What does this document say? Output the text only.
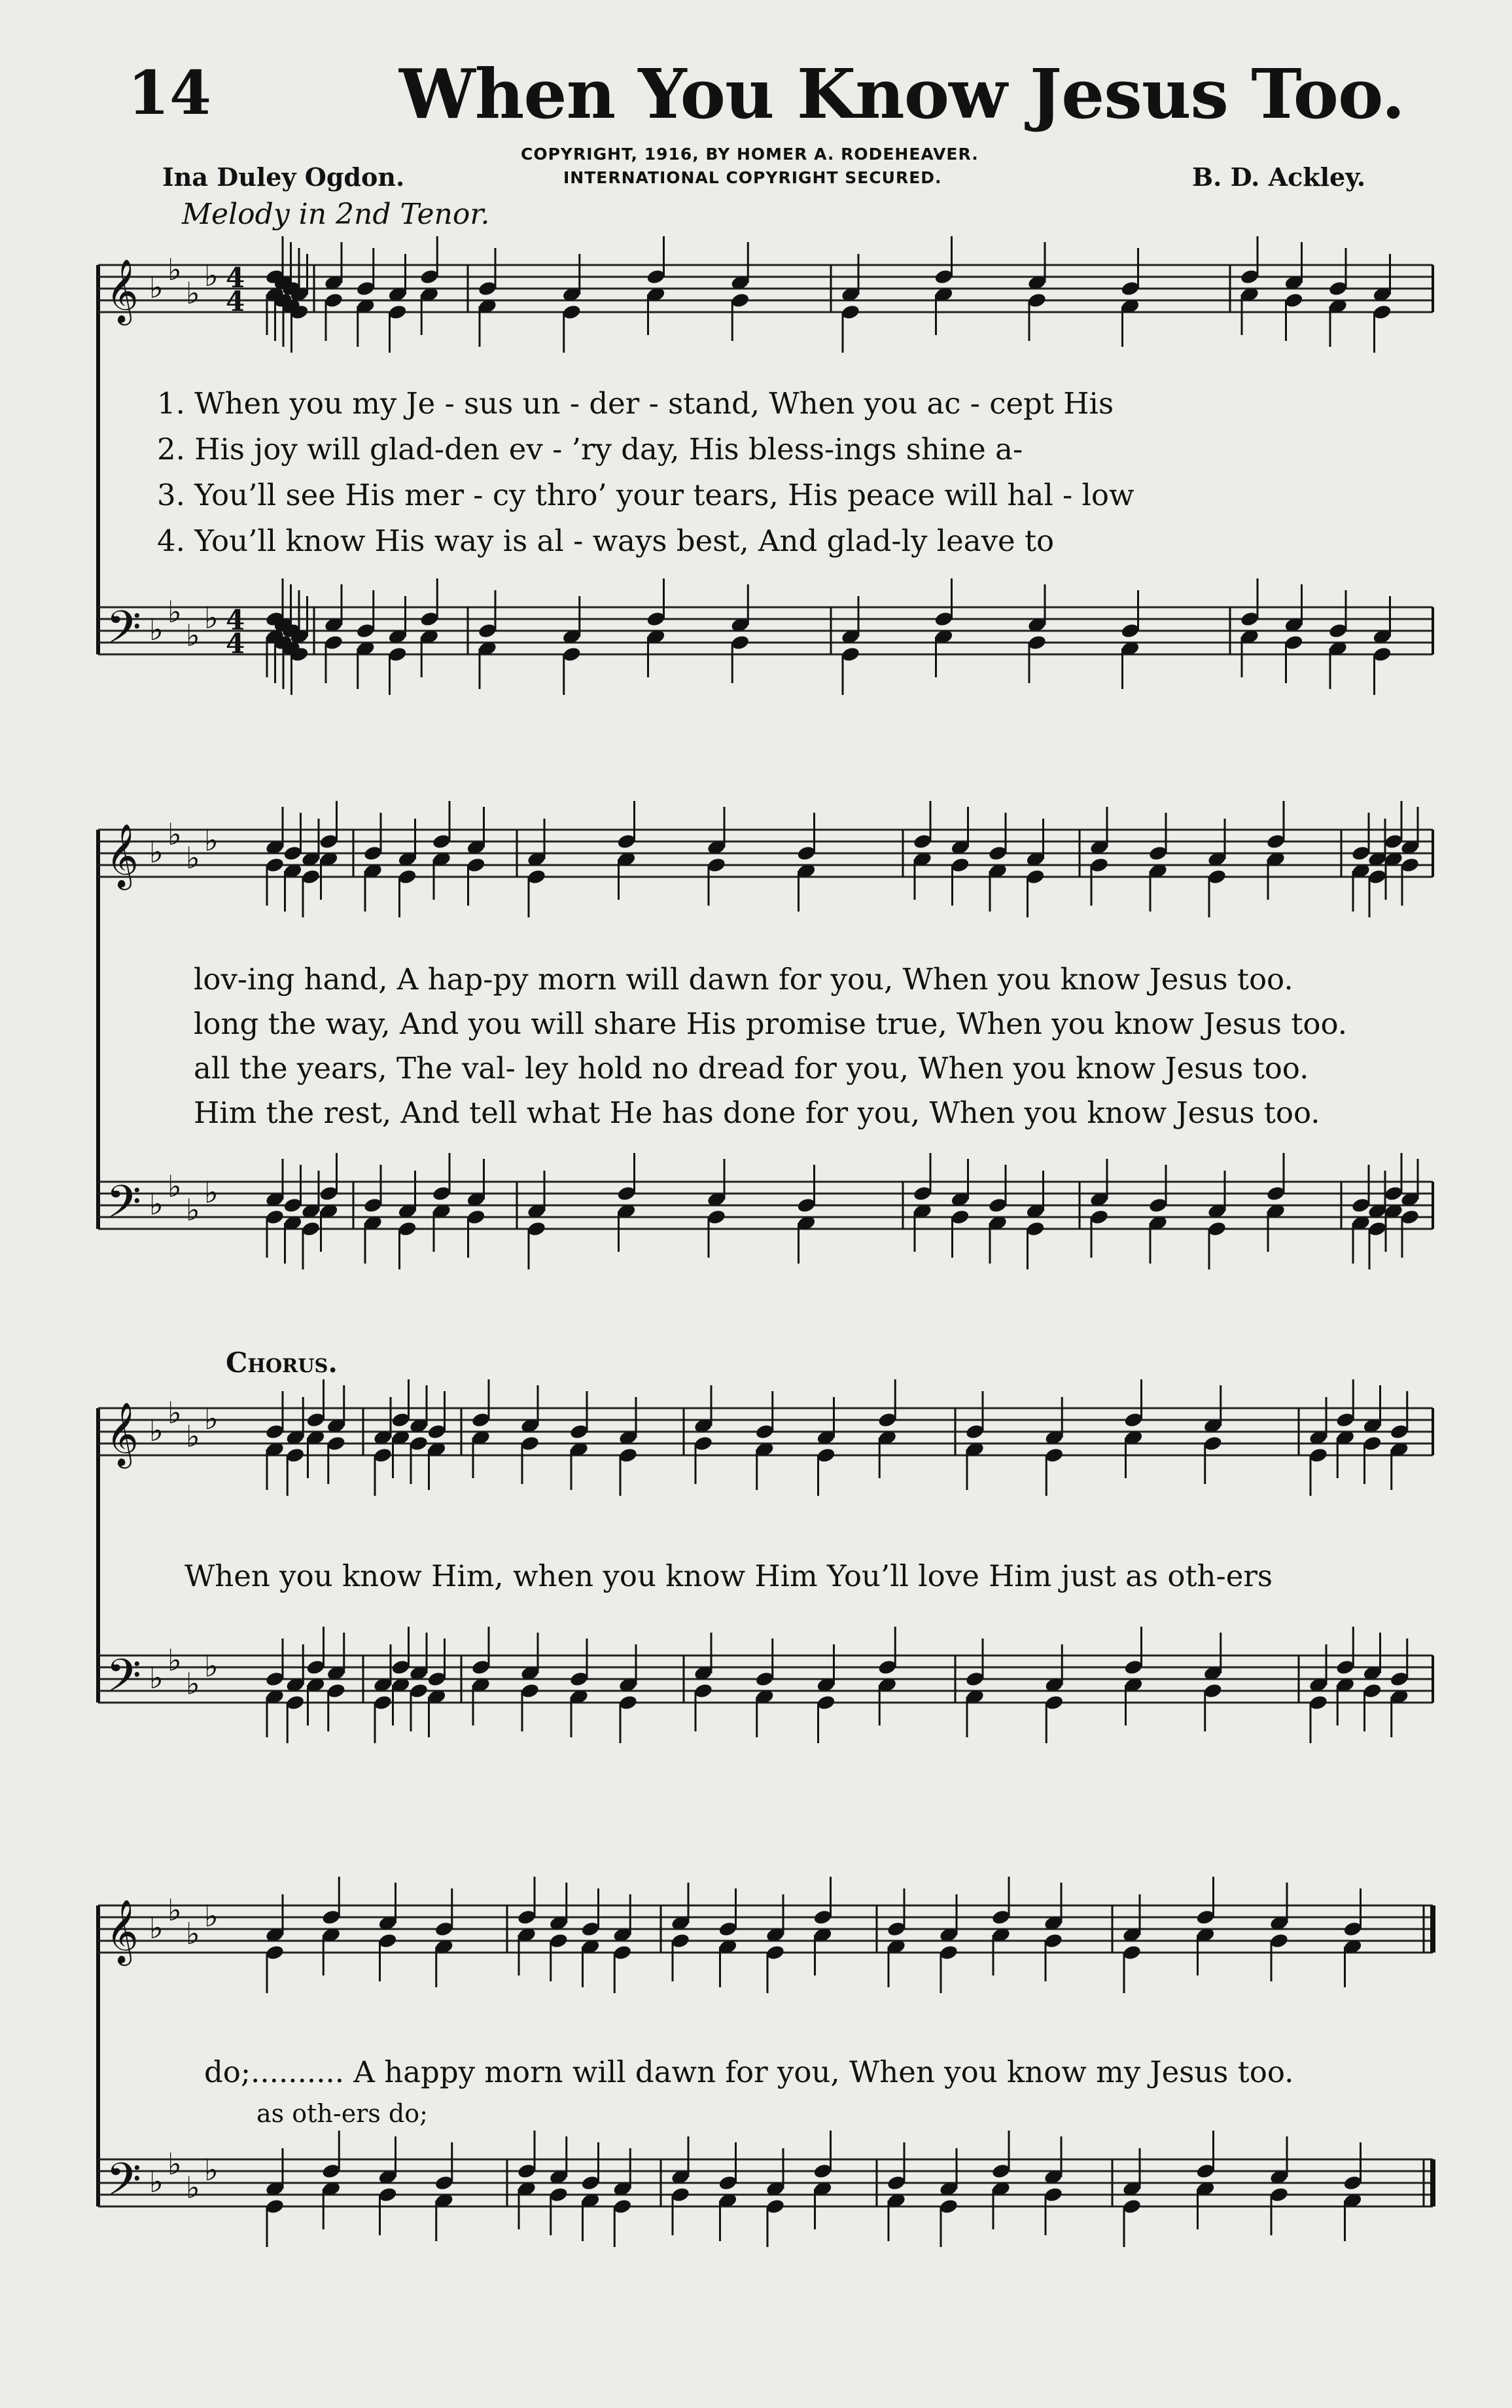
14	When You Know Jesus Too.
COPYRIGHT, 1916, BY HOMER A. RODEHEAVER.
INTERNATIONAL COPYRIGHT SECURED.
Ina Duley Ogdon.	B. D. Ackley.
Melody in 2nd Tenor.
𝄞 ♭ ♭
♭ ♭
𝄢 ♭ ♭
♭ ♭
𝄞 ♭ ♭
♭ ♭
𝄢 ♭ ♭
♭ ♭
𝄞 ♭ ♭
♭ ♭
𝄢 ♭ ♭
♭ ♭
𝄞 ♭ ♭
♭ ♭
𝄢 ♭ ♭
♭ ♭
4
4
4
4
1. When you my Je - sus un - der - stand, When you ac - cept His
2. His joy will glad-den ev - ’ry day, His bless-ings shine a-
3. You’ll see His mer - cy thro’ your tears, His peace will hal - low
4. You’ll know His way is al - ways best, And glad-ly leave to
lov-ing hand, A hap-py morn will dawn for you, When you know Jesus too.
long the way, And you will share His promise true, When you know Jesus too.
all the years, The val- ley hold no dread for you, When you know Jesus too.
Him the rest, And tell what He has done for you, When you know Jesus too.
Chorus.
When you know Him, when you know Him You’ll love Him just as oth-ers
do;.......... A happy morn will dawn for you, When you know my Jesus too.
as oth-ers do;
